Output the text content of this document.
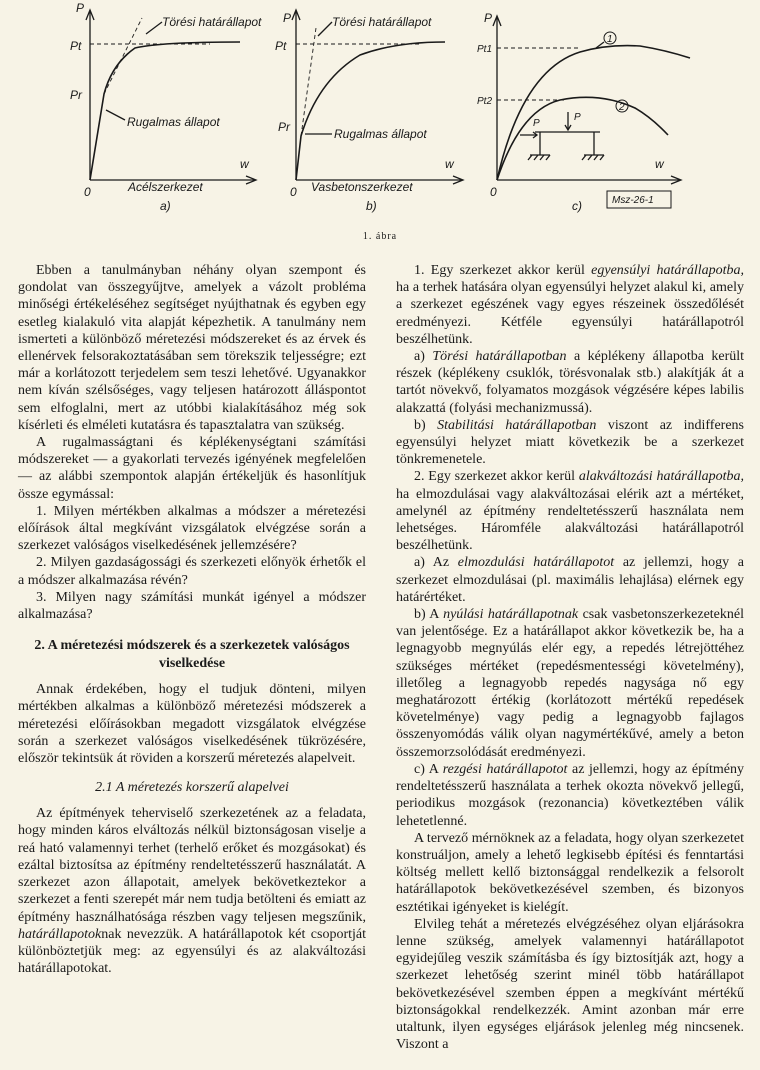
P
Pt
Pr
0
w
Törési határállapot
Rugalmas állapot
Acélszerkezet
a)
P
Pt
Pr
0
w
Törési határállapot
Rugalmas állapot
Vasbetonszerkezet
b)
1
2
P
P
P
Pt1
Pt2
0
w
c)	Msz-26-1
1. ábra

Ebben a tanulmányban néhány olyan szempont és gondolat van összegyűjtve, amelyek a vázolt probléma minőségi értékeléséhez segítséget nyújthatnak és egyben egy esetleg kialakuló vita alapját képezhetik. A tanulmány nem ismerteti a különböző méretezési módszereket és az érvek és ellenérvek felsorakoztatásában sem törekszik teljességre; ezt már a korlátozott terjedelem sem teszi lehetővé. Ugyanakkor nem kíván szélsőséges, vagy teljesen határozott álláspontot sem elfoglalni, mert az utóbbi kialakításához még sok kísérleti és elméleti kutatásra és tapasztalatra van szükség.

A rugalmasságtani és képlékenységtani számítási módszereket — a gyakorlati tervezés igényének megfelelően — az alábbi szempontok alapján értékeljük és hasonlítjuk össze egymással:

1. Milyen mértékben alkalmas a módszer a méretezési előírások által megkívánt vizsgálatok elvégzése során a szerkezet valóságos viselkedésének jellemzésére?

2. Milyen gazdaságossági és szerkezeti előnyök érhetők el a módszer alkalmazása révén?

3. Milyen nagy számítási munkát igényel a módszer alkalmazása?

2. A méretezési módszerek és a szerkezetek valóságos viselkedése

Annak érdekében, hogy el tudjuk dönteni, milyen mértékben alkalmas a különböző méretezési módszerek a méretezési előírásokban megadott vizsgálatok elvégzése során a szerkezet valóságos viselkedésének tükrözésére, először tekintsük át röviden a korszerű méretezés alapelveit.

2.1 A méretezés korszerű alapelvei

Az építmények teherviselő szerkezetének az a feladata, hogy minden káros elváltozás nélkül biztonságosan viselje a reá ható valamennyi terhet (terhelő erőket és mozgásokat) és ezáltal biztosítsa az építmény rendeltetésszerű használatát. A szerkezet azon állapotait, amelyek bekövetkeztekor a szerkezet a fenti szerepét már nem tudja betölteni és emiatt az építmény használhatósága részben vagy teljesen megszűnik, határállapotoknak nevezzük. A határállapotok két csoportját különböztetjük meg: az egyensúlyi és az alakváltozási határállapotokat.

1. Egy szerkezet akkor kerül egyensúlyi határállapotba, ha a terhek hatására olyan egyensúlyi helyzet alakul ki, amely a szerkezet egészének vagy egyes részeinek összedőlését eredményezi. Kétféle egyensúlyi határállapotról beszélhetünk.

a) Törési határállapotban a képlékeny állapotba került részek (képlékeny csuklók, törésvonalak stb.) alakítják át a tartót növekvő, folyamatos mozgások végzésére képes labilis alakzattá (folyási mechanizmussá).

b) Stabilitási határállapotban viszont az indifferens egyensúlyi helyzet miatt következik be a szerkezet tönkremenetele.

2. Egy szerkezet akkor kerül alakváltozási határállapotba, ha elmozdulásai vagy alakváltozásai elérik azt a mértéket, amelynél az építmény rendeltetésszerű használata nem lehetséges. Háromféle alakváltozási határállapotról beszélhetünk.

a) Az elmozdulási határállapotot az jellemzi, hogy a szerkezet elmozdulásai (pl. maximális lehajlása) elérnek egy határértéket.

b) A nyúlási határállapotnak csak vasbetonszerkezeteknél van jelentősége. Ez a határállapot akkor következik be, ha a legnagyobb megnyúlás elér egy, a repedés létrejöttéhez szükséges mértéket (repedésmentességi követelmény), illetőleg a legnagyobb repedés nagysága nő egy meghatározott értékig (korlátozott mértékű repedések követelménye) vagy pedig a legnagyobb fajlagos összenyomódás válik olyan nagymértékűvé, amely a beton összemorzsolódását eredményezi.

c) A rezgési határállapotot az jellemzi, hogy az építmény rendeltetésszerű használata a terhek okozta növekvő jellegű, periodikus mozgások (rezonancia) következtében válik lehetetlenné.

A tervező mérnöknek az a feladata, hogy olyan szerkezetet konstruáljon, amely a lehető legkisebb építési és fenntartási költség mellett kellő biztonsággal rendelkezik a felsorolt határállapotok bekövetkezésével szemben, és bizonyos esztétikai igényeket is kielégít.

Elvileg tehát a méretezés elvégzéséhez olyan eljárásokra lenne szükség, amelyek valamennyi határállapotot egyidejűleg veszik számításba és így biztosítják azt, hogy a szerkezet lehetőség szerint minél több határállapot bekövetkezésével szemben éppen a megkívánt mértékű biztonságokkal rendelkezzék. Amint azonban már erre utaltunk, ilyen egységes eljárások jelenleg még nincsenek. Viszont a
